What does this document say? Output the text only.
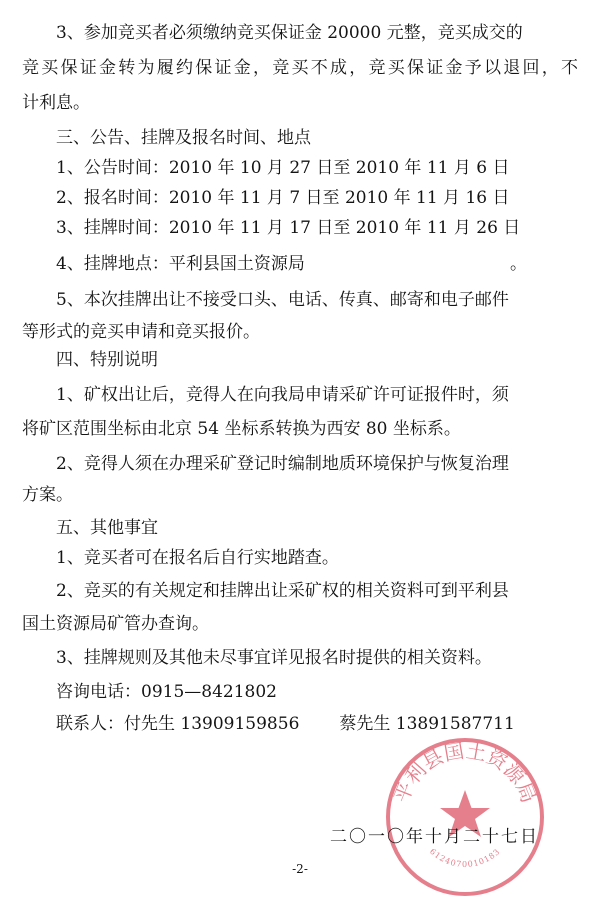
3、参加竞买者必须缴纳竞买保证金 20000 元整，竞买成交的

竞买保证金转为履约保证金，竞买不成，竞买保证金予以退回，不

计利息。

三、公告、挂牌及报名时间、地点

1、公告时间：2010 年 10 月 27 日至 2010 年 11 月 6 日

2、报名时间：2010 年 11 月 7 日至 2010 年 11 月 16 日

3、挂牌时间：2010 年 11 月 17 日至 2010 年 11 月 26 日

4、挂牌地点：平利县国土资源局	。

5、本次挂牌出让不接受口头、电话、传真、邮寄和电子邮件

等形式的竞买申请和竞买报价。

四、特别说明

1、矿权出让后，竞得人在向我局申请采矿许可证报件时，须

将矿区范围坐标由北京 54 坐标系转换为西安 80 坐标系。

2、竞得人须在办理采矿登记时编制地质环境保护与恢复治理

方案。

五、其他事宜

1、竞买者可在报名后自行实地踏查。

2、竞买的有关规定和挂牌出让采矿权的相关资料可到平利县

国土资源局矿管办查询。

3、挂牌规则及其他未尽事宜详见报名时提供的相关资料。

咨询电话：0915—8421802

联系人：付先生 13909159856 蔡先生 13891587711

平利县国土资源局
6124070010183
二〇一〇年十月二十七日
-2-
